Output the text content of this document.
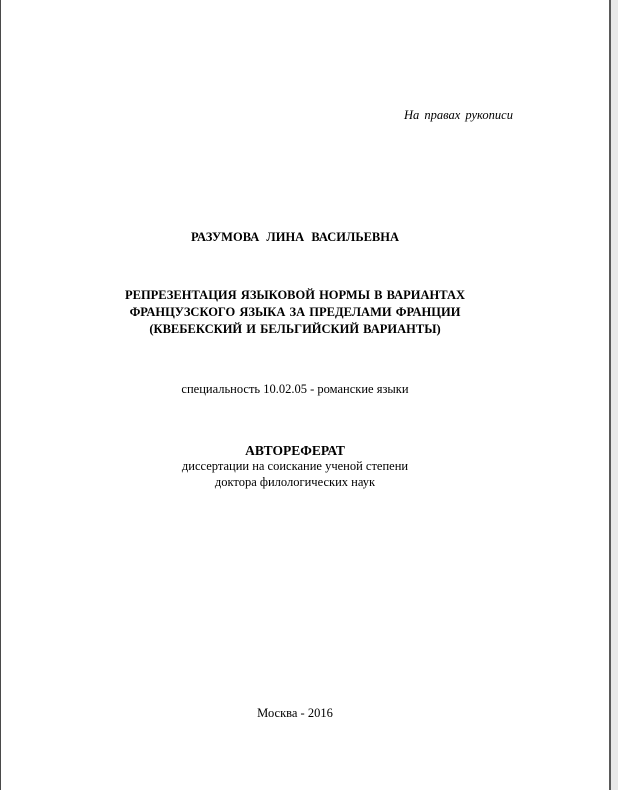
На правах рукописи
РАЗУМОВА ЛИНА ВАСИЛЬЕВНА
РЕПРЕЗЕНТАЦИЯ ЯЗЫКОВОЙ НОРМЫ В ВАРИАНТАХ
ФРАНЦУЗСКОГО ЯЗЫКА ЗА ПРЕДЕЛАМИ ФРАНЦИИ
(КВЕБЕКСКИЙ И БЕЛЬГИЙСКИЙ ВАРИАНТЫ)
специальность 10.02.05 - романские языки
АВТОРЕФЕРАТ
диссертации на соискание ученой степени
доктора филологических наук
Москва - 2016
